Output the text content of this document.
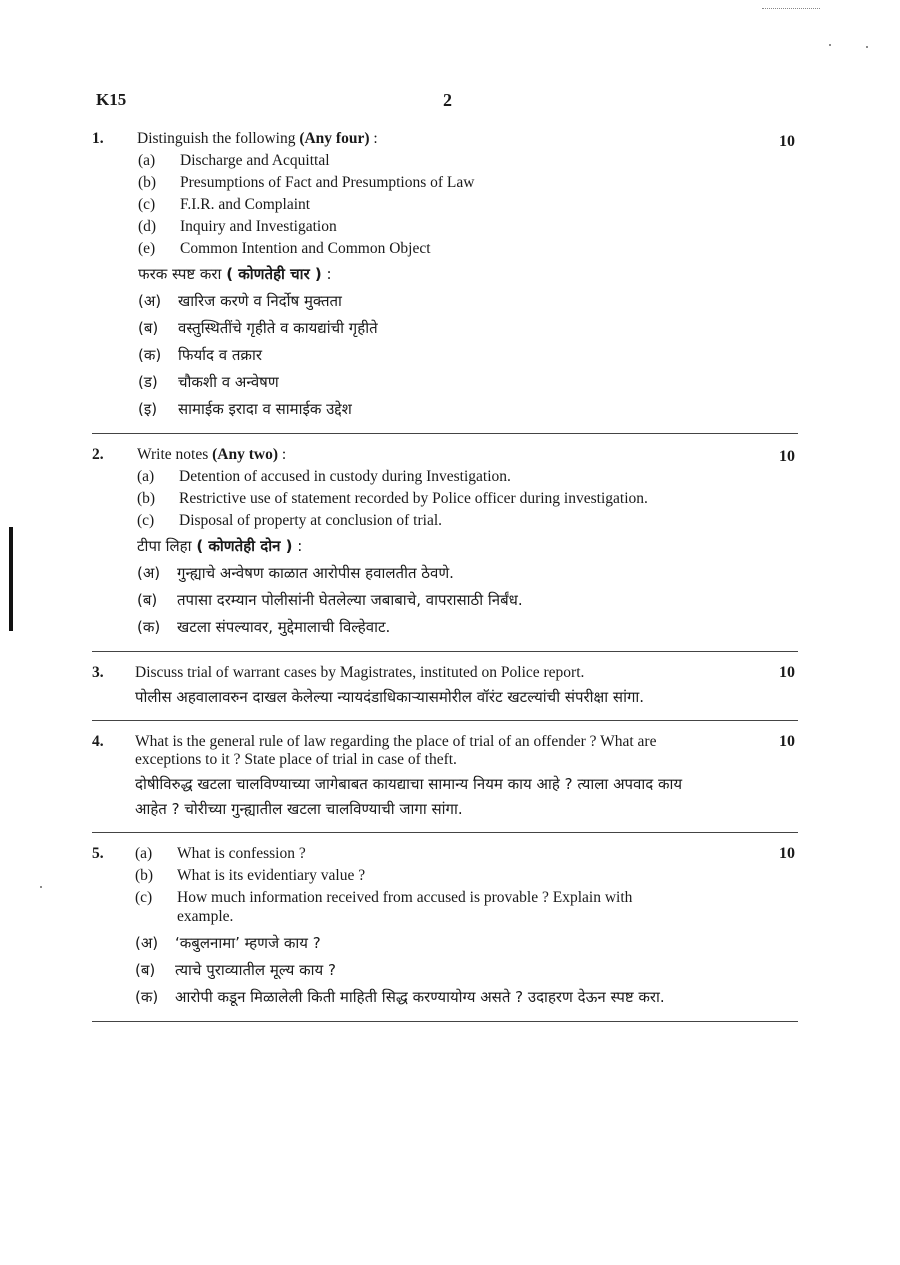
K15	2
1.	10
Distinguish the following (Any four) :
(a) Discharge and Acquittal
(b) Presumptions of Fact and Presumptions of Law
(c) F.I.R. and Complaint
(d) Inquiry and Investigation
(e) Common Intention and Common Object
फरक स्पष्ट करा ( कोणतेही चार ) :
(अ) खारिज करणे व निर्दोष मुक्तता
(ब) वस्तुस्थितींचे गृहीते व कायद्यांची गृहीते
(क) फिर्याद व तक्रार
(ड) चौकशी व अन्वेषण
(इ) सामाईक इरादा व सामाईक उद्देश
2.	10
Write notes (Any two) :
(a) Detention of accused in custody during Investigation.
(b) Restrictive use of statement recorded by Police officer during investigation.
(c) Disposal of property at conclusion of trial.
टीपा लिहा ( कोणतेही दोन ) :
(अ) गुन्ह्याचे अन्वेषण काळात आरोपीस हवालतीत ठेवणे.
(ब) तपासा दरम्यान पोलीसांनी घेतलेल्या जबाबाचे, वापरासाठी निर्बंध.
(क) खटला संपल्यावर, मुद्देमालाची विल्हेवाट.
3.	10
Discuss trial of warrant cases by Magistrates, instituted on Police report.
पोलीस अहवालावरुन दाखल केलेल्या न्यायदंडाधिकाऱ्यासमोरील वॉरंट खटल्यांची संपरीक्षा सांगा.
4.	10
What is the general rule of law regarding the place of trial of an offender ? What are
exceptions to it ? State place of trial in case of theft.
दोषीविरुद्ध खटला चालविण्याच्या जागेबाबत कायद्याचा सामान्य नियम काय आहे ? त्याला अपवाद काय
आहेत ? चोरीच्या गुन्ह्यातील खटला चालविण्याची जागा सांगा.
5.	10
(a) What is confession ?
(b) What is its evidentiary value ?
(c) How much information received from accused is provable ? Explain with
example.
(अ) ‘कबुलनामा’ म्हणजे काय ?
(ब) त्याचे पुराव्यातील मूल्य काय ?
(क) आरोपी कडून मिळालेली किती माहिती सिद्ध करण्यायोग्य असते ? उदाहरण देऊन स्पष्ट करा.
